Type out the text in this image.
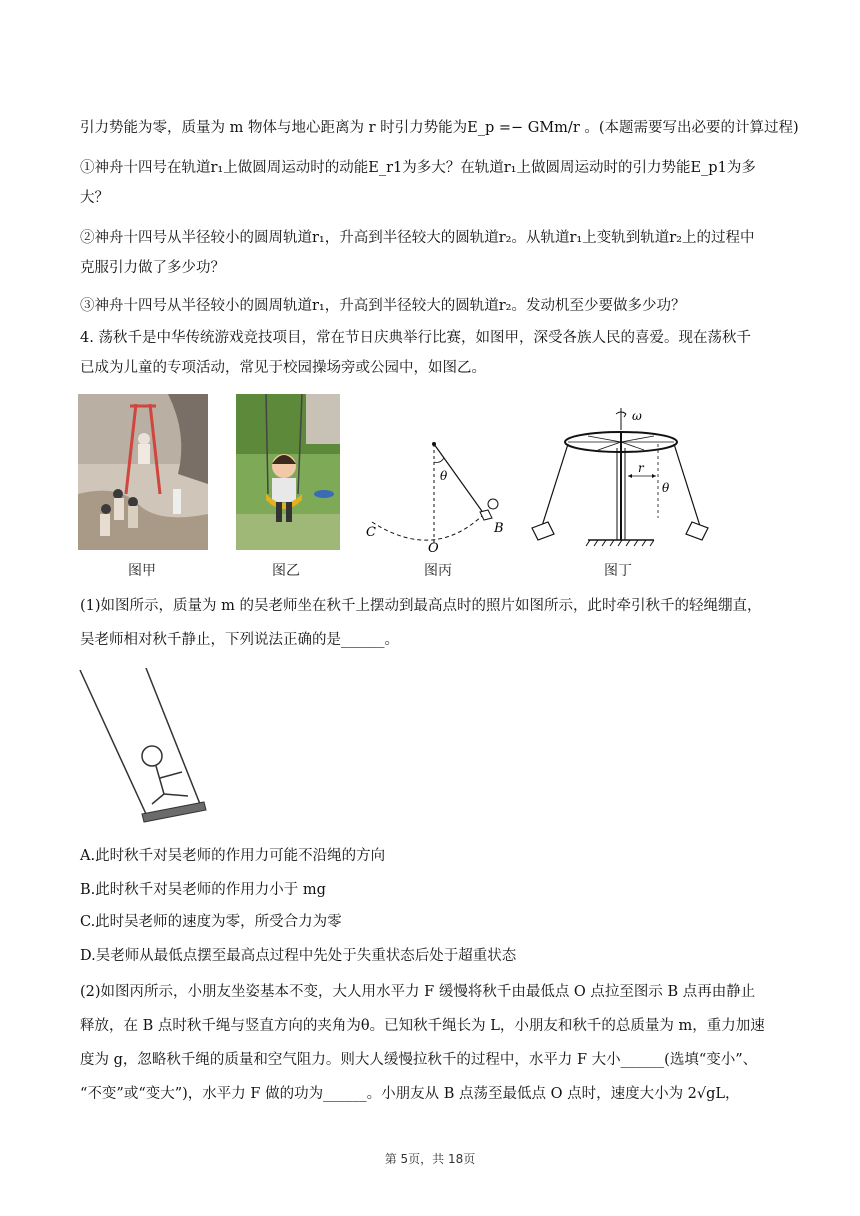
引力势能为零，质量为 m 物体与地心距离为 r 时引力势能为E_p =− GMm/r 。(本题需要写出必要的计算过程)
①神舟十四号在轨道r₁上做圆周运动时的动能E_r1为多大？在轨道r₁上做圆周运动时的引力势能E_p1为多
大？
②神舟十四号从半径较小的圆周轨道r₁，升高到半径较大的圆轨道r₂。从轨道r₁上变轨到轨道r₂上的过程中
克服引力做了多少功？
③神舟十四号从半径较小的圆周轨道r₁，升高到半径较大的圆轨道r₂。发动机至少要做多少功？
4. 荡秋千是中华传统游戏竞技项目，常在节日庆典举行比赛，如图甲，深受各族人民的喜爱。现在荡秋千
已成为儿童的专项活动，常见于校园操场旁或公园中，如图乙。
θ
C
O
B
ω
r
θ
图甲	图乙	图丙	图丁
(1)如图所示，质量为 m 的吴老师坐在秋千上摆动到最高点时的照片如图所示，此时牵引秋千的轻绳绷直，
吴老师相对秋千静止，下列说法正确的是______。
A.此时秋千对吴老师的作用力可能不沿绳的方向
B.此时秋千对吴老师的作用力小于 mg
C.此时吴老师的速度为零，所受合力为零
D.吴老师从最低点摆至最高点过程中先处于失重状态后处于超重状态
(2)如图丙所示，小朋友坐姿基本不变，大人用水平力 F 缓慢将秋千由最低点 O 点拉至图示 B 点再由静止
释放，在 B 点时秋千绳与竖直方向的夹角为θ。已知秋千绳长为 L，小朋友和秋千的总质量为 m，重力加速
度为 g，忽略秋千绳的质量和空气阻力。则大人缓慢拉秋千的过程中，水平力 F 大小______(选填“变小”、
“不变”或“变大”)，水平力 F 做的功为______。小朋友从 B 点荡至最低点 O 点时，速度大小为 2√gL，
第 5页，共 18页
